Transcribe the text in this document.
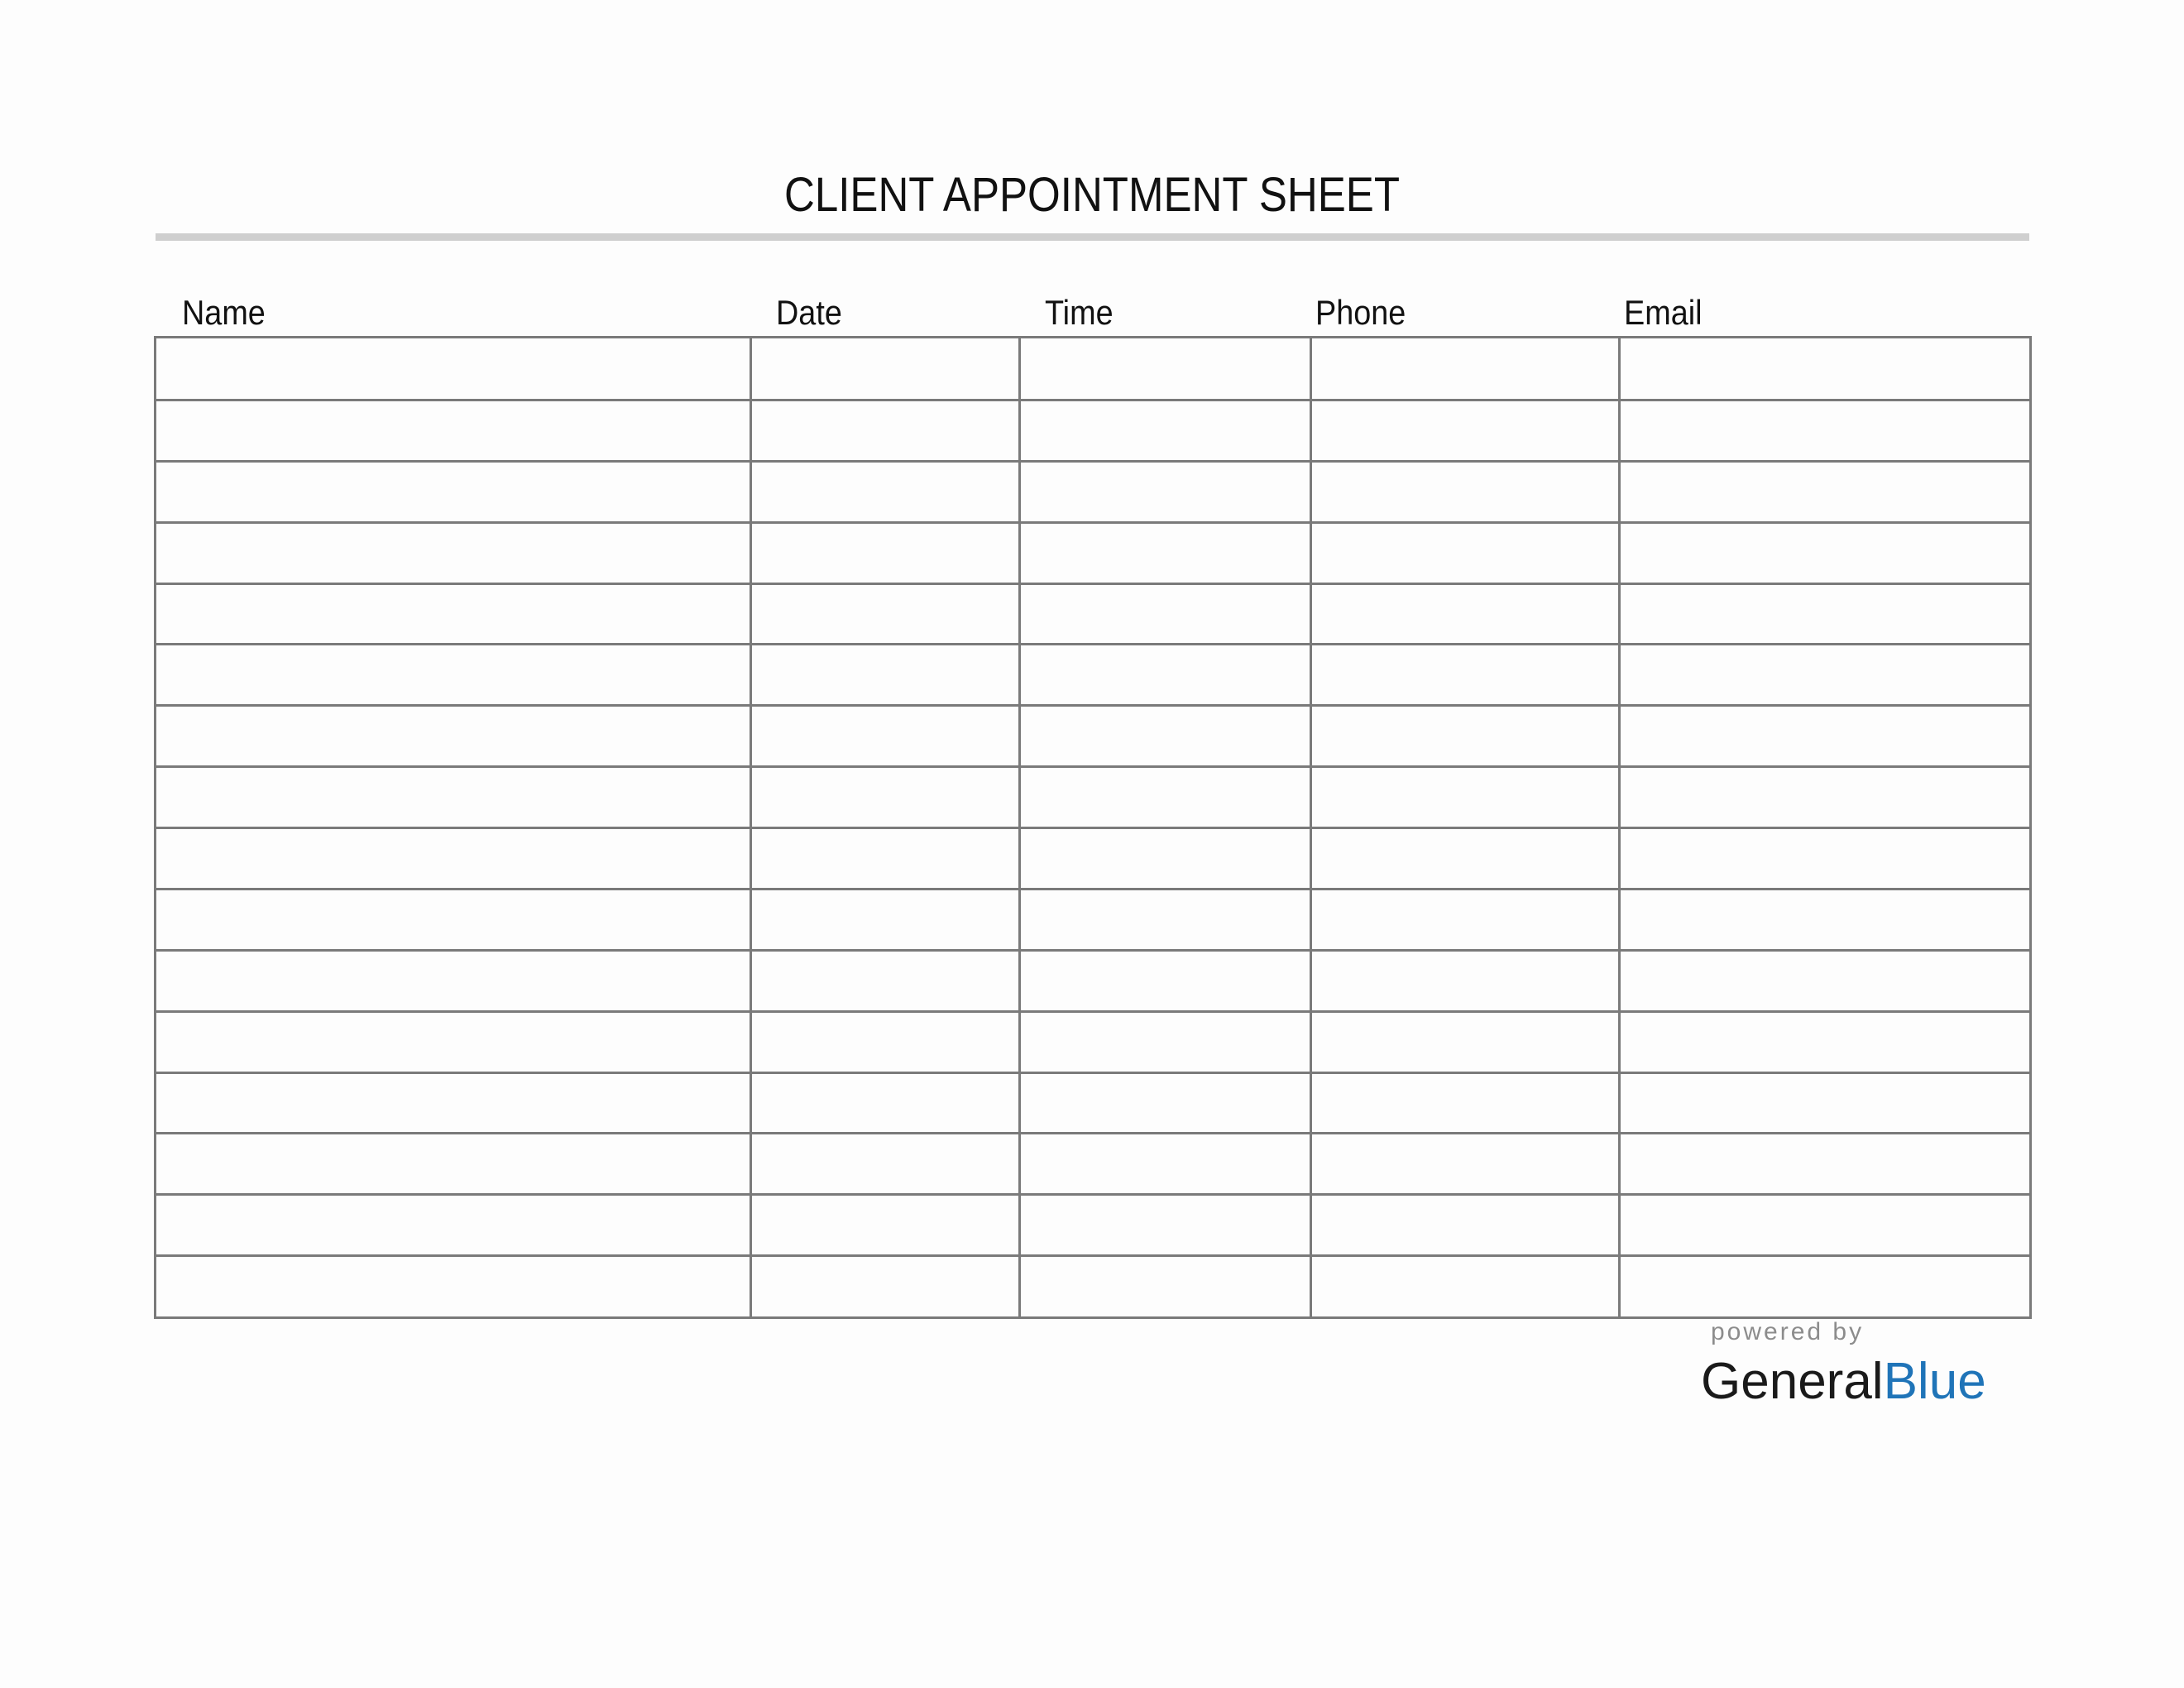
CLIENT APPOINTMENT SHEET
Name	Date	Time	Phone	Email
powered by
GeneralBlue
